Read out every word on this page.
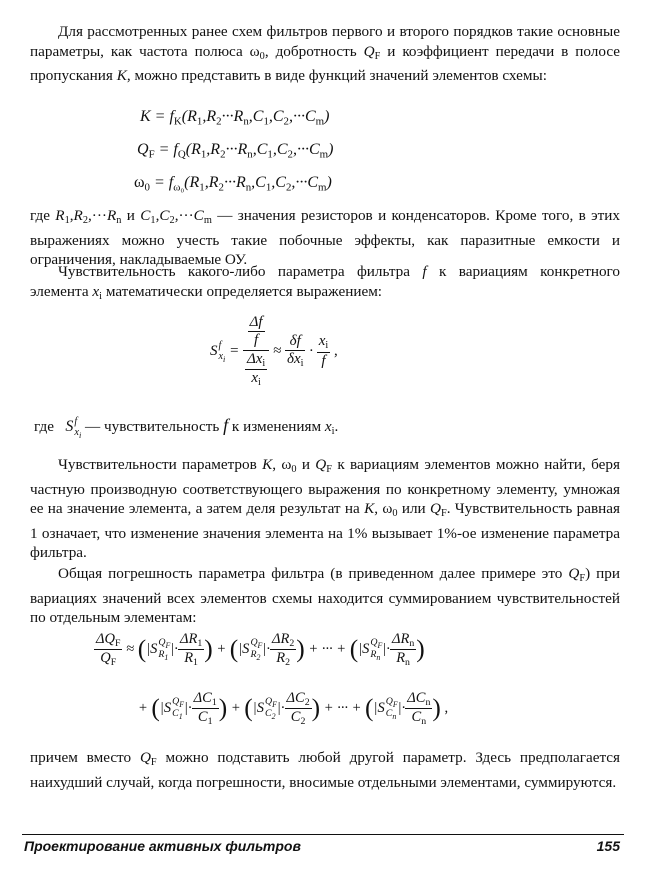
Для рассмотренных ранее схем фильтров первого и второго порядков такие основные параметры, как частота полюса $\omega_0$, добротность $Q_F$ и коэффициент передачи в полосе пропускания K, можно представить в виде функций значений элементов схемы:
$K = f_K(R_1,R_2\cdot\cdot\cdot R_n,C_1,C_2,\cdot\cdot\cdot C_m)$
$Q_F = f_Q(R_1,R_2\cdot\cdot\cdot R_n,C_1,C_2,\cdot\cdot\cdot C_m)$
$\omega_0 = f_{\omega_0}(R_1,R_2\cdot\cdot\cdot R_n,C_1,C_2,\cdot\cdot\cdot C_m)$
где $R_1,R_2,\cdot\cdot\cdot R_n$ и $C_1,C_2,\cdot\cdot\cdot C_m$ — значения резисторов и конденсаторов. Кроме того, в этих выражениях можно учесть такие побочные эффекты, как паразитные емкости и ограничения, накладываемые ОУ.
Чувствительность какого-либо параметра фильтра f к вариациям конкретного элемента $x_i$ математически определяется выражением:
S f
$x_i$
= $\frac{\frac{\Delta f}{f}}{\frac{\Delta x_i}{x_i}} \approx \frac{\delta f}{\delta x_i} \cdot \frac{x_i}{f}$ ,
где   S f
$x_i$
— чувствительность f к изменениям $x_i$.
Чувствительности параметров K, $\omega_0$ и $Q_F$ к вариациям элементов можно найти, беря частную производную соответствующего выражения по конкретному элементу, умножая ее на значение элемента, а затем деля результат на K, $\omega_0$ или $Q_F$. Чувствительность равная 1 означает, что изменение значения элемента на 1% вызывает 1%-ое изменение параметра фильтра.
Общая погрешность параметра фильтра (в приведенном далее примере это $Q_F$) при вариациях значений всех элементов схемы находится суммированием чувствительностей по отдельным элементам:
$\frac{\Delta Q_F}{Q_F} \approx (|S$ $Q_F$
$R_1$ |· $\frac{\Delta R_1}{R_1}$ ) + (|S $Q_F$
$R_2$ |· $\frac{\Delta R_2}{R_2}$ ) + ··· + (|S $Q_F$
$R_n$ |· $\frac{\Delta R_n}{R_n}$ )
+ (|S $Q_F$
$C_1$ |· $\frac{\Delta C_1}{C_1}$ ) + (|S $Q_F$
$C_2$ |· $\frac{\Delta C_2}{C_2}$ ) + ··· + (|S $Q_F$
$C_n$ |· $\frac{\Delta C_n}{C_n}$ ) ,
причем вместо $Q_F$ можно подставить любой другой параметр. Здесь предполагается наихудший случай, когда погрешности, вносимые отдельными элементами, суммируются.
Проектирование активных фильтров	155
